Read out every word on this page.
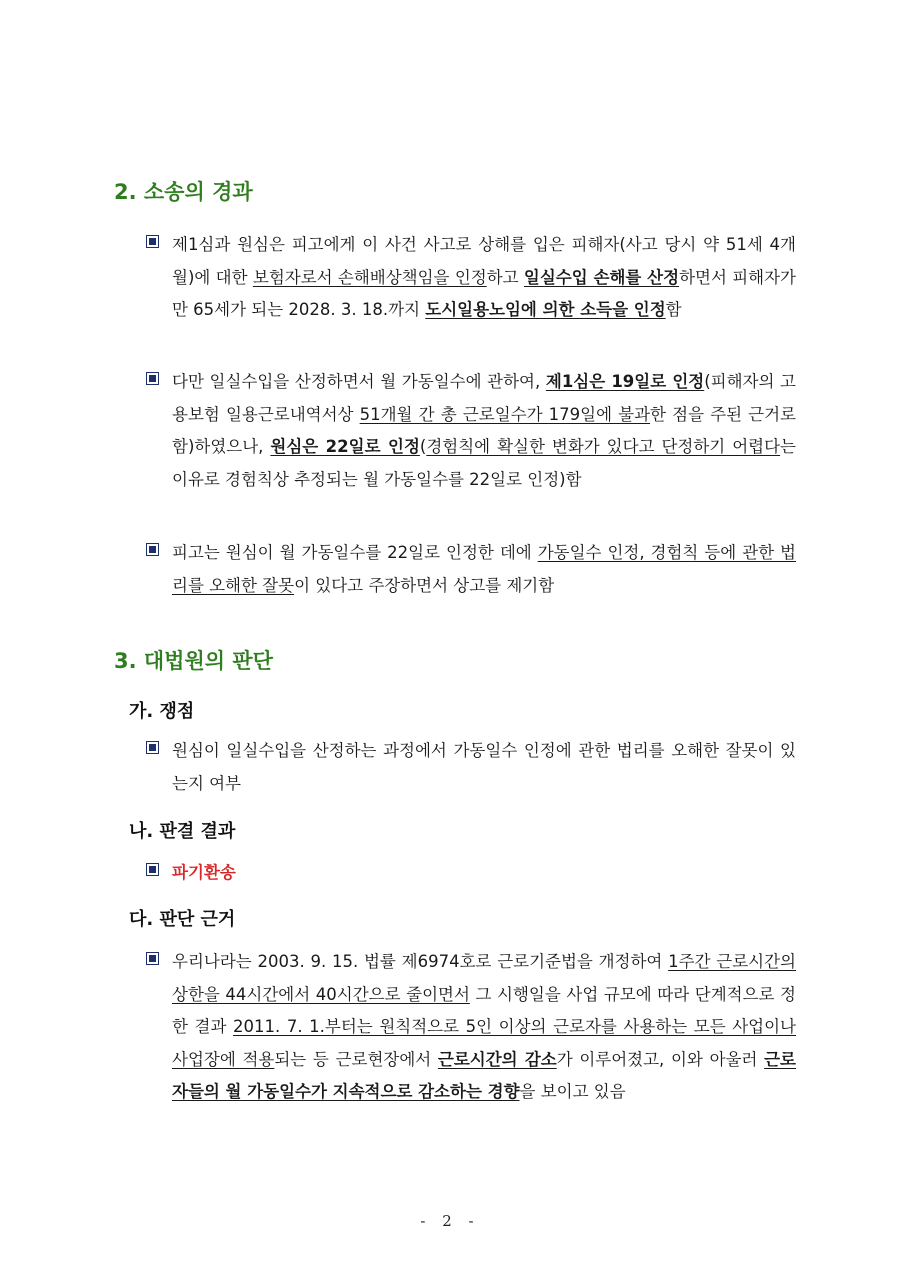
2. 소송의 경과
제1심과 원심은 피고에게 이 사건 사고로 상해를 입은 피해자(사고 당시 약 51세 4개월)에 대한 보험자로서 손해배상책임을 인정하고 일실수입 손해를 산정하면서 피해자가 만 65세가 되는 2028. 3. 18.까지 도시일용노임에 의한 소득을 인정함
다만 일실수입을 산정하면서 월 가동일수에 관하여, 제1심은 19일로 인정(피해자의 고용보험 일용근로내역서상 51개월 간 총 근로일수가 179일에 불과한 점을 주된 근거로 함)하였으나, 원심은 22일로 인정(경험칙에 확실한 변화가 있다고 단정하기 어렵다는 이유로 경험칙상 추정되는 월 가동일수를 22일로 인정)함
피고는 원심이 월 가동일수를 22일로 인정한 데에 가동일수 인정, 경험칙 등에 관한 법리를 오해한 잘못이 있다고 주장하면서 상고를 제기함
3. 대법원의 판단
가. 쟁점
원심이 일실수입을 산정하는 과정에서 가동일수 인정에 관한 법리를 오해한 잘못이 있는지 여부
나. 판결 결과
파기환송
다. 판단 근거
우리나라는 2003. 9. 15. 법률 제6974호로 근로기준법을 개정하여 1주간 근로시간의 상한을 44시간에서 40시간으로 줄이면서 그 시행일을 사업 규모에 따라 단계적으로 정한 결과 2011. 7. 1.부터는 원칙적으로 5인 이상의 근로자를 사용하는 모든 사업이나 사업장에 적용되는 등 근로현장에서 근로시간의 감소가 이루어졌고, 이와 아울러 근로자들의 월 가동일수가 지속적으로 감소하는 경향을 보이고 있음
- 2 -
